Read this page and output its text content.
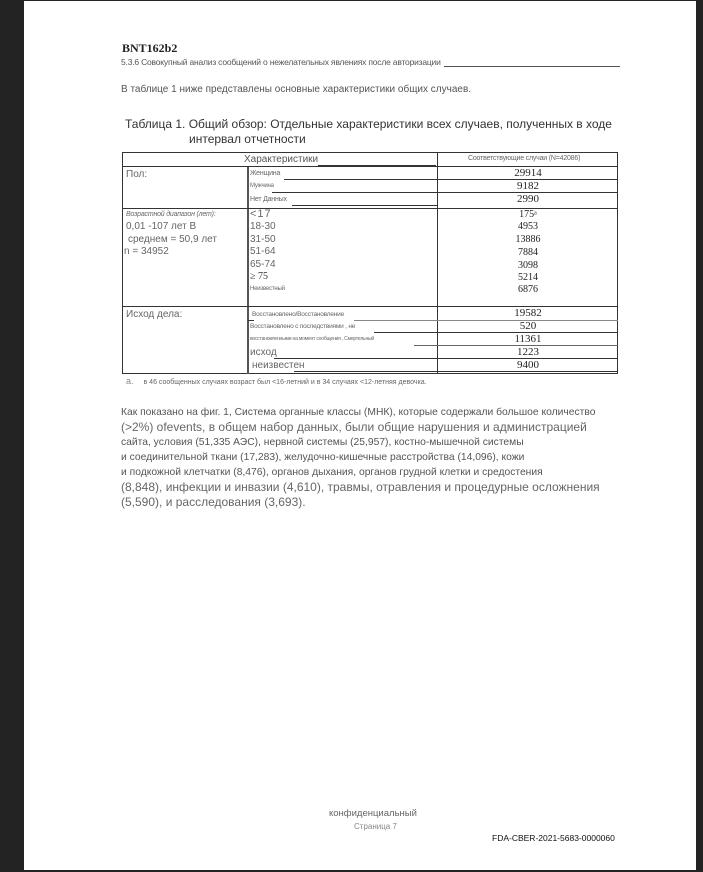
BNT162b2
5.3.6 Совокупный анализ сообщений о нежелательных явлениях после авторизации
В таблице 1 ниже представлены основные характеристики общих случаев.
Таблица 1. Общий обзор: Отдельные характеристики всех случаев, полученных в ходе
интервал отчетности
Характеристики	Соответствующие случаи (N=42086)
Пол:	Женщина	29914
Мужчина	9182
Нет Данных	2990
Возрастной диапазон (лет):
0,01 -107 лет В
среднем = 50,9 лет
n = 34952
<17	175ᵃ
18-30	4953
31-50	13886
51-64	7884
65-74	3098
≥ 75	5214
Неизвестный	6876
Исход дела:	Восстановлено/Восстановление	19582
Восстановлено с последствиями , не	520
восстановленными на момент сообщения , Смертельный	11361
исход	1223
неизвестен	9400
a. в 46 сообщенных случаях возраст был <16-летний и в 34 случаях <12-летняя девочка.
Как показано на фиг. 1, Система органные классы (МНК), которые содержали большое количество
(>2%) ofevents, в общем набор данных, были общие нарушения и администрацией
сайта, условия (51,335 АЭС), нервной системы (25,957), костно-мышечной системы
и соединительной ткани (17,283), желудочно-кишечные расстройства (14,096), кожи
и подкожной клетчатки (8,476), органов дыхания, органов грудной клетки и средостения
(8,848), инфекции и инвазии (4,610), травмы, отравления и процедурные осложнения
(5,590), и расследования (3,693).
конфиденциальный
Страница 7
FDA-CBER-2021-5683-0000060
